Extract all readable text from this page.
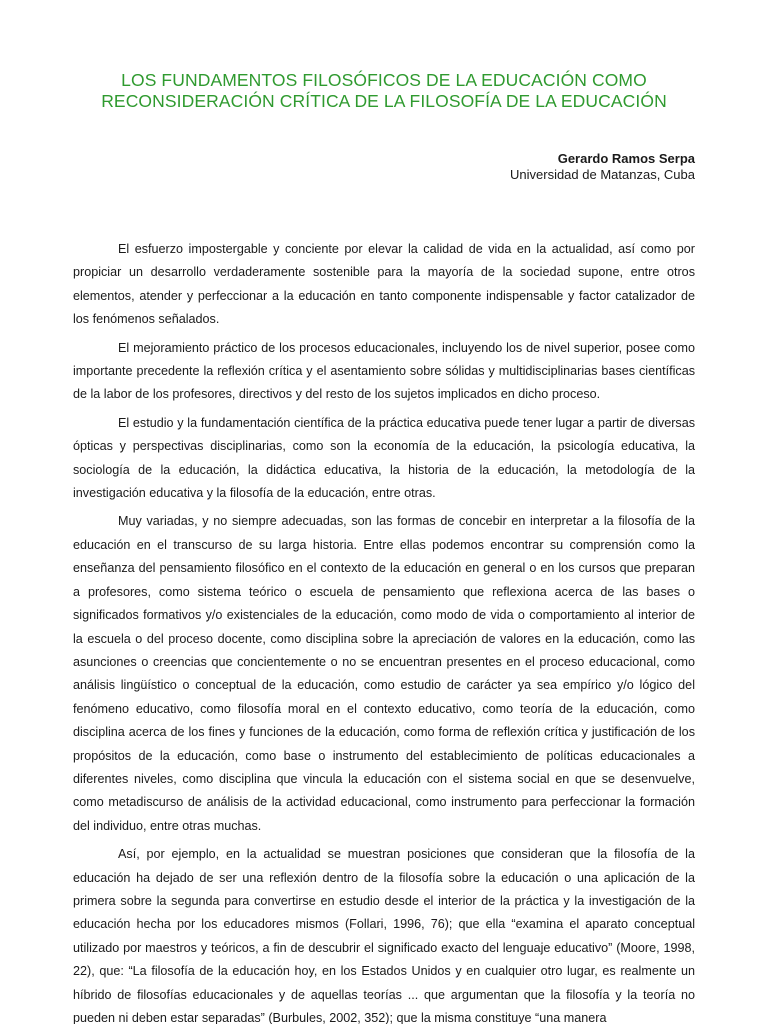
LOS FUNDAMENTOS FILOSÓFICOS DE LA EDUCACIÓN COMO
RECONSIDERACIÓN CRÍTICA DE LA FILOSOFÍA DE LA EDUCACIÓN
Gerardo Ramos Serpa
Universidad de Matanzas, Cuba

El esfuerzo impostergable y conciente por elevar la calidad de vida en la actualidad, así como por propiciar un desarrollo verdaderamente sostenible para la mayoría de la sociedad supone, entre otros elementos, atender y perfeccionar a la educación en tanto componente indispensable y factor catalizador de los fenómenos señalados.

El mejoramiento práctico de los procesos educacionales, incluyendo los de nivel superior, posee como importante precedente la reflexión crítica y el asentamiento sobre sólidas y multidisciplinarias bases científicas de la labor de los profesores, directivos y del resto de los sujetos implicados en dicho proceso.

El estudio y la fundamentación científica de la práctica educativa puede tener lugar a partir de diversas ópticas y perspectivas disciplinarias, como son la economía de la educación, la psicología educativa, la sociología de la educación, la didáctica educativa, la historia de la educación, la metodología de la investigación educativa y la filosofía de la educación, entre otras.

Muy variadas, y no siempre adecuadas, son las formas de concebir en interpretar a la filosofía de la educación en el transcurso de su larga historia. Entre ellas podemos encontrar su comprensión como la enseñanza del pensamiento filosófico en el contexto de la educación en general o en los cursos que preparan a profesores, como sistema teórico o escuela de pensamiento que reflexiona acerca de las bases o significados formativos y/o existenciales de la educación, como modo de vida o comportamiento al interior de la escuela o del proceso docente, como disciplina sobre la apreciación de valores en la educación, como las asunciones o creencias que concientemente o no se encuentran presentes en el proceso educacional, como análisis lingüístico o conceptual de la educación, como estudio de carácter ya sea empírico y/o lógico del fenómeno educativo, como filosofía moral en el contexto educativo, como teoría de la educación, como disciplina acerca de los fines y funciones de la educación, como forma de reflexión crítica y justificación de los propósitos de la educación, como base o instrumento del establecimiento de políticas educacionales a diferentes niveles, como disciplina que vincula la educación con el sistema social en que se desenvuelve, como metadiscurso de análisis de la actividad educacional, como instrumento para perfeccionar la formación del individuo, entre otras muchas.

Así, por ejemplo, en la actualidad se muestran posiciones que consideran que la filosofía de la educación ha dejado de ser una reflexión dentro de la filosofía sobre la educación o una aplicación de la primera sobre la segunda para convertirse en estudio desde el interior de la práctica y la investigación de la educación hecha por los educadores mismos (Follari, 1996, 76); que ella “examina el aparato conceptual utilizado por maestros y teóricos, a fin de descubrir el significado exacto del lenguaje educativo” (Moore, 1998, 22), que: “La filosofía de la educación hoy, en los Estados Unidos y en cualquier otro lugar, es realmente un híbrido de filosofías educacionales y de aquellas teorías ... que argumentan que la filosofía y la teoría no pueden ni deben estar separadas” (Burbules, 2002, 352); que la misma constituye “una manera
